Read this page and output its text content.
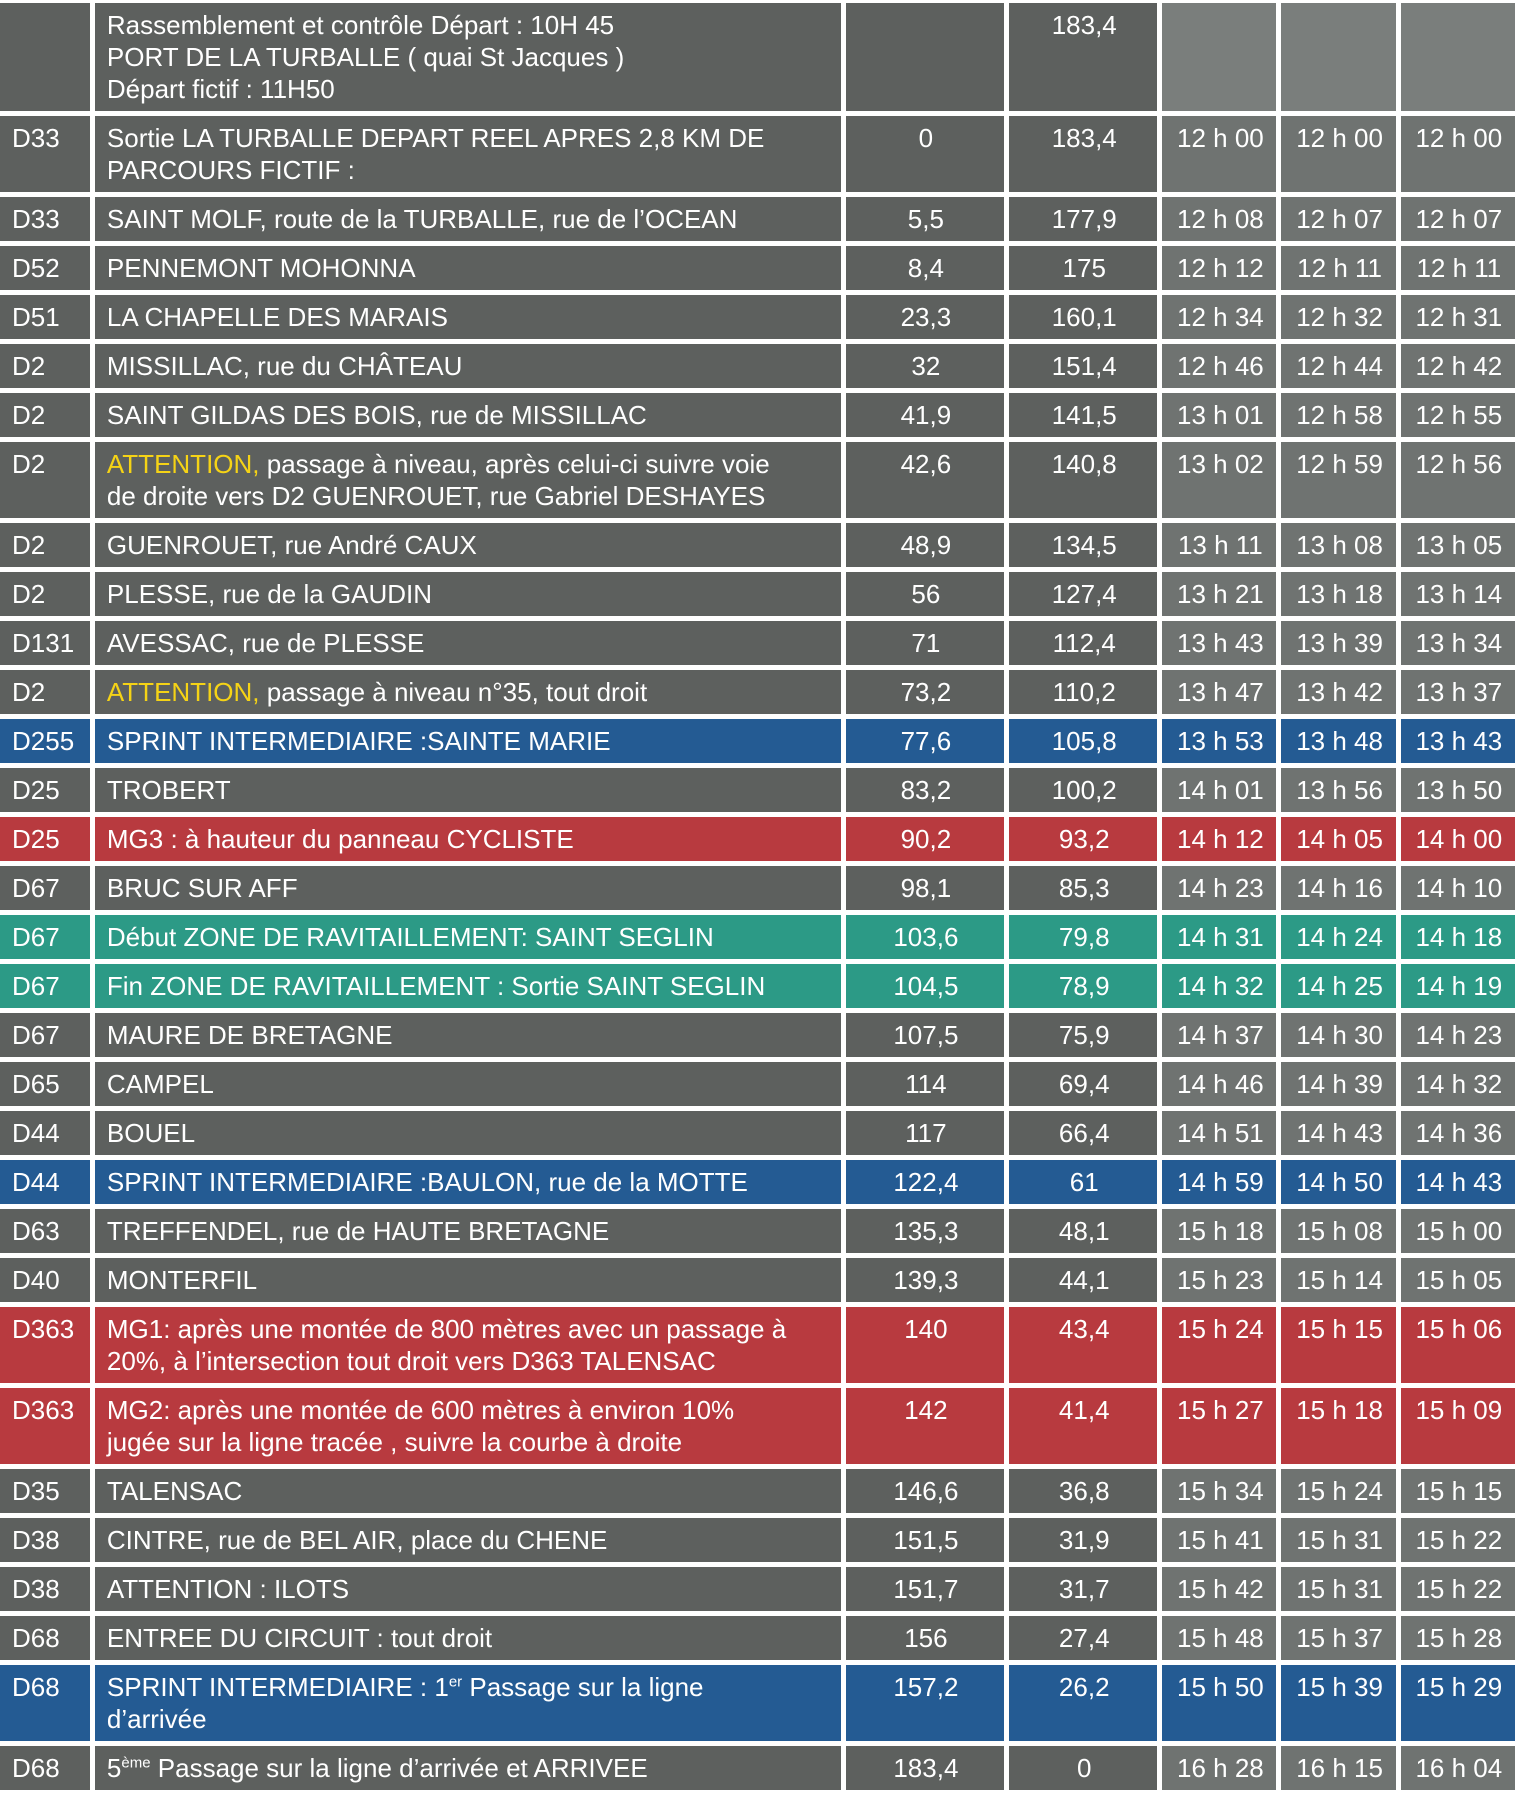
	Rassemblement et contrôle Départ : 10H 45
PORT DE LA TURBALLE ( quai St Jacques )
Départ fictif : 11H50		183,4			
D33	Sortie LA TURBALLE DEPART REEL APRES 2,8 KM DE
PARCOURS FICTIF :	0	183,4	12 h 00	12 h 00	12 h 00
D33	SAINT MOLF, route de la TURBALLE, rue de l’OCEAN	5,5	177,9	12 h 08	12 h 07	12 h 07
D52	PENNEMONT MOHONNA	8,4	175	12 h 12	12 h 11	12 h 11
D51	LA CHAPELLE DES MARAIS	23,3	160,1	12 h 34	12 h 32	12 h 31
D2	MISSILLAC, rue du CHÂTEAU	32	151,4	12 h 46	12 h 44	12 h 42
D2	SAINT GILDAS DES BOIS, rue de MISSILLAC	41,9	141,5	13 h 01	12 h 58	12 h 55
D2	ATTENTION, passage à niveau, après celui-ci suivre voie
de droite vers D2 GUENROUET, rue Gabriel DESHAYES	42,6	140,8	13 h 02	12 h 59	12 h 56
D2	GUENROUET, rue André CAUX	48,9	134,5	13 h 11	13 h 08	13 h 05
D2	PLESSE, rue de la GAUDIN	56	127,4	13 h 21	13 h 18	13 h 14
D131	AVESSAC, rue de PLESSE	71	112,4	13 h 43	13 h 39	13 h 34
D2	ATTENTION, passage à niveau n°35, tout droit	73,2	110,2	13 h 47	13 h 42	13 h 37
D255	SPRINT INTERMEDIAIRE :SAINTE MARIE	77,6	105,8	13 h 53	13 h 48	13 h 43
D25	TROBERT	83,2	100,2	14 h 01	13 h 56	13 h 50
D25	MG3 : à hauteur du panneau CYCLISTE	90,2	93,2	14 h 12	14 h 05	14 h 00
D67	BRUC SUR AFF	98,1	85,3	14 h 23	14 h 16	14 h 10
D67	Début ZONE DE RAVITAILLEMENT: SAINT SEGLIN	103,6	79,8	14 h 31	14 h 24	14 h 18
D67	Fin ZONE DE RAVITAILLEMENT : Sortie SAINT SEGLIN	104,5	78,9	14 h 32	14 h 25	14 h 19
D67	MAURE DE BRETAGNE	107,5	75,9	14 h 37	14 h 30	14 h 23
D65	CAMPEL	114	69,4	14 h 46	14 h 39	14 h 32
D44	BOUEL	117	66,4	14 h 51	14 h 43	14 h 36
D44	SPRINT INTERMEDIAIRE :BAULON, rue de la MOTTE	122,4	61	14 h 59	14 h 50	14 h 43
D63	TREFFENDEL, rue de HAUTE BRETAGNE	135,3	48,1	15 h 18	15 h 08	15 h 00
D40	MONTERFIL	139,3	44,1	15 h 23	15 h 14	15 h 05
D363	MG1: après une montée de 800 mètres avec un passage à
20%, à l’intersection tout droit vers D363 TALENSAC	140	43,4	15 h 24	15 h 15	15 h 06
D363	MG2: après une montée de 600 mètres à environ 10%
jugée sur la ligne tracée , suivre la courbe à droite	142	41,4	15 h 27	15 h 18	15 h 09
D35	TALENSAC	146,6	36,8	15 h 34	15 h 24	15 h 15
D38	CINTRE, rue de BEL AIR, place du CHENE	151,5	31,9	15 h 41	15 h 31	15 h 22
D38	ATTENTION : ILOTS	151,7	31,7	15 h 42	15 h 31	15 h 22
D68	ENTREE DU CIRCUIT : tout droit	156	27,4	15 h 48	15 h 37	15 h 28
D68	SPRINT INTERMEDIAIRE : 1er Passage sur la ligne
d’arrivée	157,2	26,2	15 h 50	15 h 39	15 h 29
D68	5ème Passage sur la ligne d’arrivée et ARRIVEE	183,4	0	16 h 28	16 h 15	16 h 04
